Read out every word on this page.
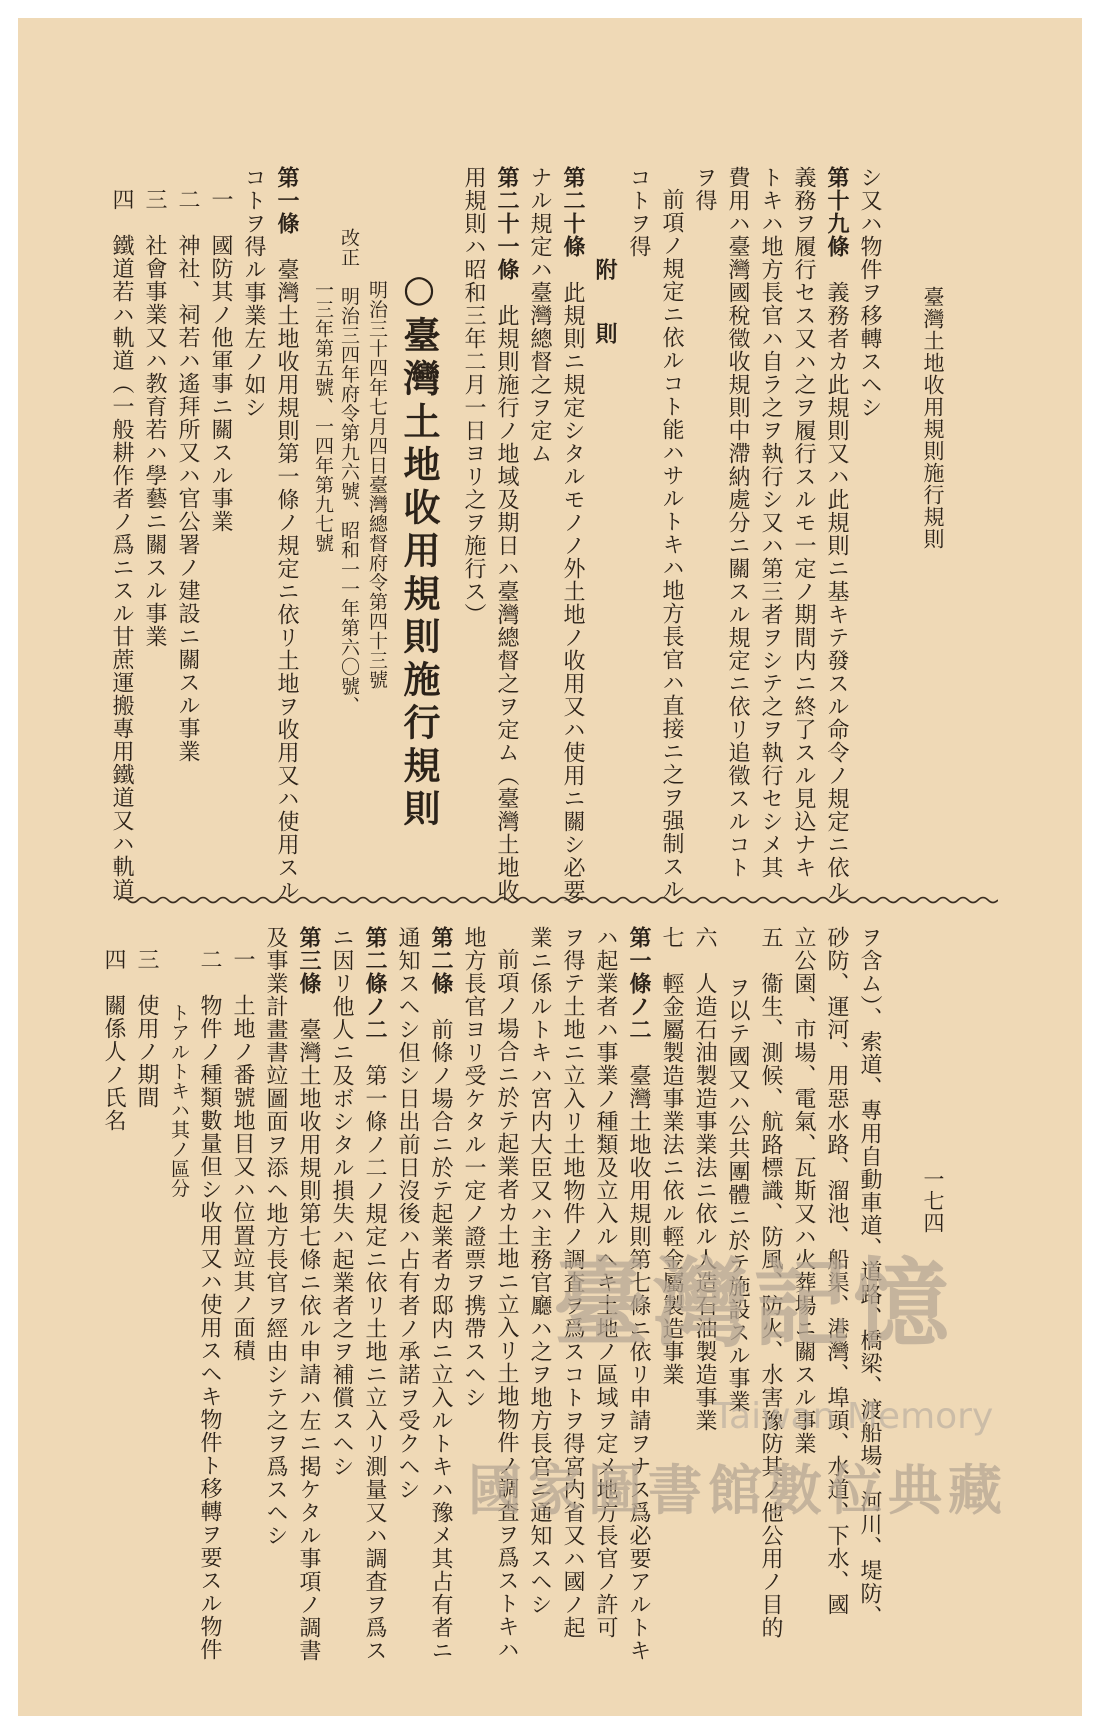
臺灣土地收用規則施行規則
一七四
シ又ハ物件ヲ移轉スヘシ
第十九條　義務者カ此規則又ハ此規則ニ基キテ發スル命令ノ規定ニ依ル
義務ヲ履行セス又ハ之ヲ履行スルモ一定ノ期間内ニ終了スル見込ナキ
トキハ地方長官ハ自ラ之ヲ執行シ又ハ第三者ヲシテ之ヲ執行セシメ其
費用ハ臺灣國稅徵收規則中滯納處分ニ關スル規定ニ依リ追徵スルコト
ヲ得
前項ノ規定ニ依ルコト能ハサルトキハ地方長官ハ直接ニ之ヲ强制スル
コトヲ得
附　則
第二十條　此規則ニ規定シタルモノノ外土地ノ收用又ハ使用ニ關シ必要
ナル規定ハ臺灣總督之ヲ定ム
第二十一條　此規則施行ノ地域及期日ハ臺灣總督之ヲ定ム（臺灣土地收
用規則ハ昭和三年二月一日ヨリ之ヲ施行ス）
○臺灣土地收用規則施行規則
明治三十四年七月四日臺灣總督府令第四十三號
改正　明治三四年府令第九六號、昭和一一年第六〇號、
一三年第五號、一四年第九七號
第一條　臺灣土地收用規則第一條ノ規定ニ依リ土地ヲ收用又ハ使用スル
コトヲ得ル事業左ノ如シ
一　國防其ノ他軍事ニ關スル事業
二　神社、祠若ハ遙拜所又ハ官公署ノ建設ニ關スル事業
三　社會事業又ハ教育若ハ學藝ニ關スル事業
四　鐵道若ハ軌道（一般耕作者ノ爲ニスル甘蔗運搬專用鐵道又ハ軌道
ヲ含ム）、索道、專用自動車道、道路、橋梁、渡船場、河川、堤防、
砂防、運河、用惡水路、溜池、船渠、港灣、埠頭、水道、下水、國
立公園、市場、電氣、瓦斯又ハ火葬場ニ關スル事業
五　衞生、測候、航路標識、防風、防火、水害豫防其ノ他公用ノ目的
ヲ以テ國又ハ公共團體ニ於テ施設スル事業
六　人造石油製造事業法ニ依ル人造石油製造事業
七　輕金屬製造事業法ニ依ル輕金屬製造事業
第一條ノ二　臺灣土地收用規則第七條ニ依リ申請ヲナス爲必要アルトキ
ハ起業者ハ事業ノ種類及立入ルヘキ土地ノ區域ヲ定メ地方長官ノ許可
ヲ得テ土地ニ立入リ土地物件ノ調査ヲ爲スコトヲ得宮内省又ハ國ノ起
業ニ係ルトキハ宮内大臣又ハ主務官廳ハ之ヲ地方長官ニ通知スヘシ
前項ノ場合ニ於テ起業者カ土地ニ立入リ土地物件ノ調査ヲ爲ストキハ
地方長官ヨリ受ケタル一定ノ證票ヲ携帶スヘシ
第二條　前條ノ場合ニ於テ起業者カ邸内ニ立入ルトキハ豫メ其占有者ニ
通知スヘシ但シ日出前日沒後ハ占有者ノ承諾ヲ受クヘシ
第二條ノ二　第一條ノ二ノ規定ニ依リ土地ニ立入リ測量又ハ調査ヲ爲ス
ニ因リ他人ニ及ボシタル損失ハ起業者之ヲ補償スヘシ
第三條　臺灣土地收用規則第七條ニ依ル申請ハ左ニ掲ケタル事項ノ調書
及事業計畫書竝圖面ヲ添ヘ地方長官ヲ經由シテ之ヲ爲スヘシ
一　土地ノ番號地目又ハ位置竝其ノ面積
二　物件ノ種類數量但シ收用又ハ使用スヘキ物件ト移轉ヲ要スル物件
トアルトキハ其ノ區分
三　使用ノ期間
四　關係人ノ氏名
臺灣記憶
Taiwan Memory
國家圖書館數位典藏
